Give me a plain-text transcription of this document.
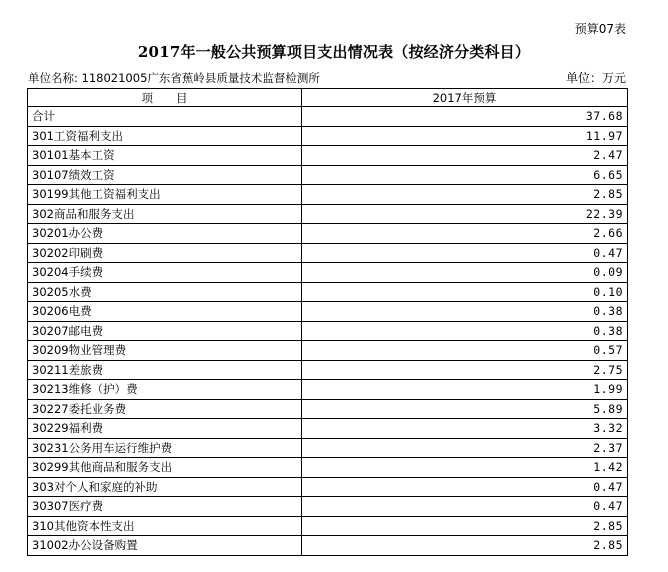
预算07表
2017年一般公共预算项目支出情况表（按经济分类科目）
单位名称: 118021005广东省蕉岭县质量技术监督检测所	单位：万元
项　　目	2017年预算
合计	37.68
301工资福利支出	11.97
30101基本工资	2.47
30107绩效工资	6.65
30199其他工资福利支出	2.85
302商品和服务支出	22.39
30201办公费	2.66
30202印刷费	0.47
30204手续费	0.09
30205水费	0.10
30206电费	0.38
30207邮电费	0.38
30209物业管理费	0.57
30211差旅费	2.75
30213维修（护）费	1.99
30227委托业务费	5.89
30229福利费	3.32
30231公务用车运行维护费	2.37
30299其他商品和服务支出	1.42
303对个人和家庭的补助	0.47
30307医疗费	0.47
310其他资本性支出	2.85
31002办公设备购置	2.85
